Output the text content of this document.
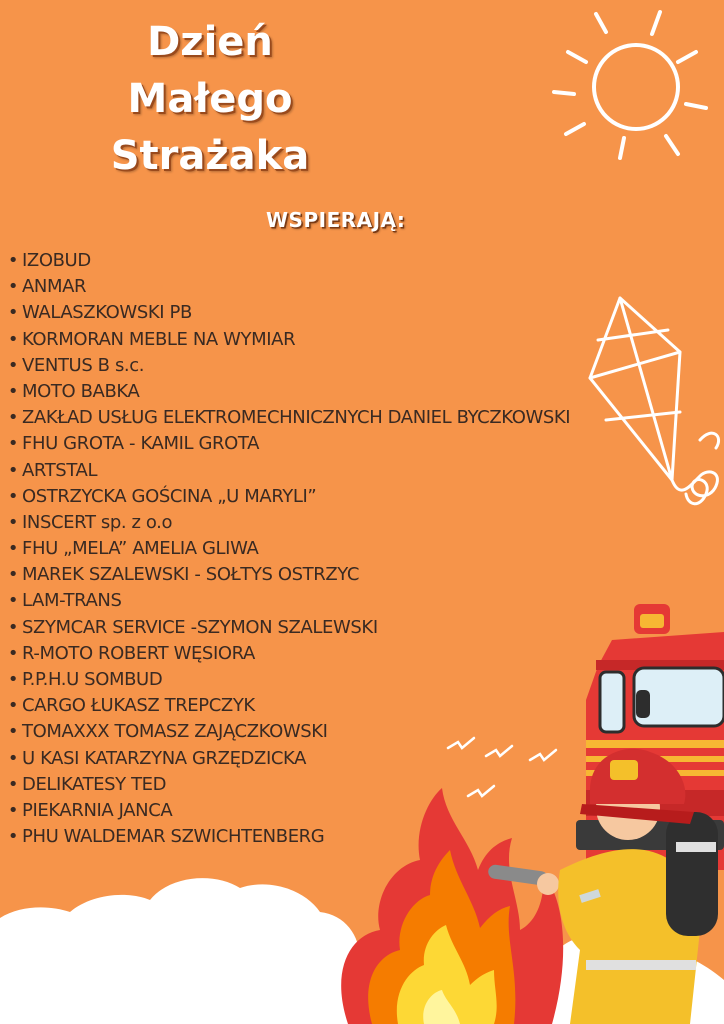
Dzień
Małego
Strażaka
WSPIERAJĄ:
• IZOBUD
• ANMAR
• WALASZKOWSKI PB
• KORMORAN MEBLE NA WYMIAR
• VENTUS B s.c.
• MOTO BABKA
• ZAKŁAD USŁUG ELEKTROMECHNICZNYCH DANIEL BYCZKOWSKI
• FHU GROTA - KAMIL GROTA
• ARTSTAL
• OSTRZYCKA GOŚCINA „U MARYLI”
• INSCERT sp. z o.o
• FHU „MELA” AMELIA GLIWA
• MAREK SZALEWSKI - SOŁTYS OSTRZYC
• LAM-TRANS
• SZYMCAR SERVICE -SZYMON SZALEWSKI
• R-MOTO ROBERT WĘSIORA
• P.P.H.U SOMBUD
• CARGO ŁUKASZ TREPCZYK
• TOMAXXX TOMASZ ZAJĄCZKOWSKI
• U KASI KATARZYNA GRZĘDZICKA
• DELIKATESY TED
• PIEKARNIA JANCA
• PHU WALDEMAR SZWICHTENBERG
